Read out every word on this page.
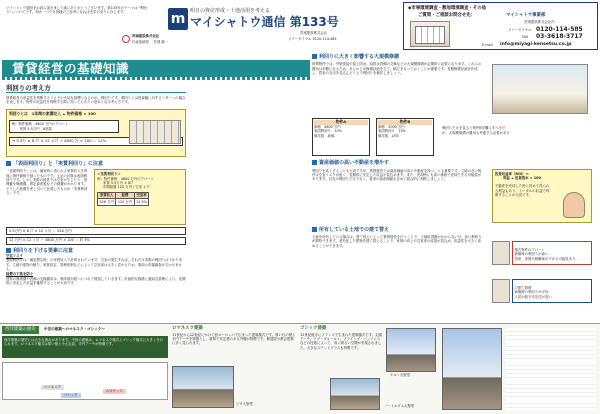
マイシャトウ通信をお読み頂きまして誠にありがとうございます。第133号のテーマは "利回り" についてです。何か一つでも皆様のご参考になれば光栄の至りに存じます。
宮城建設株式会社
代表取締役 　宮城 慶一
m 明日の資産形成・土地活用を考える
マイシャトウ通信 第133号
宮城建設株式会社
フリーダイヤル 0120-114-585
◆市場環境調査・敷地環境調査・その他
ご質問・ご相談お問合せ先：	マイシャトウ事業部
宮城建設株式会社内
フリーダイヤル 0120-114-585
FAX 03-3618-3717
E-mail info@miyagi-kensetsu.co.jp
賃貸経営の基礎知識
利回りの考え方
賃貸経営の収益性を判断するうえでの大切な指標となるのが、利回りです。利回りとは投資額に対するリターンの割合を表します。物件の収益性を判断する際に知っておきたい基本となる考え方です。
利回りとは　1年間の家賃収入 ÷ 物件価格 × 100
例）物件価格　4800 万円のアパート
家賃 5.5万円　8部屋
→ 5.5万 × 8 戸 × 12 ヵ月 ÷ 4800 万 × 100 ＝ 11%
「表面利回り」と「実質利回り」に注意
「表面利回り」とは、満室時に得られる家賃収入を単純に物件価格で割ったものです。上記の計算は表面利回りです。しかし実際の経営では空室が生じたり、管理費や修繕費、固定資産税などの経費がかかります。そうした経費を差し引いて計算したものが「実質利回り」です。
＜実質利回り＞
例）物件価格　4800 万円のアパート
家賃 5.5万円 × 8戸
年間経費 120 万円 / 空室 1 戸
家賃収入	経費	空室率
528 万円	120 万円	12.5%
5.5万円 × 8 戸 × 12 ヵ月 ＝ 528 万円
12 万円 × 12 ヵ月 ＋ 4800 万円 × 100 ＝ 約 3%
利回りを下げる要素に注意
空室リスク
表面利回りは「満室想定時」の家賃収入で計算されています。空室が発生すれば、それだけ実際の利回りは下がります。立地や建物の魅力、家賃設定、管理体制などによって空室率は大きく変わるため、事前の市場調査が欠かせません。
経費の下落を防ぐ
建物の修繕費や設備の交換費用は、築年数が経つにつれて増加していきます。計画的な修繕と適切な管理により、長期的に安定した収益を確保することが大切です。
利回りに大きく影響する大規模修繕
賃貸物件では、外壁塗装や屋上防水、給排水設備の交換などの大規模修繕が定期的に必要になります。これらの費用は多額になるため、あらかじめ修繕計画を立て、積立を行っておくことが重要です。長期修繕計画を作成し、将来の支出を見込んだうえで利回りを検討しましょう。
物件A
価格　4800 万円
表面利回り　10%
築年数　新築
物件B
価格　3000 万円
表面利回り　15%
築年数　25年
利回りだけを見ると物件Bを購入すべきだが、大規模修繕の費用も考慮する必要がある
資産価値の高い不動産を増やす
利回りを高くすることも大切ですが、賃貸経営では資産価値の高い不動産を持つことも重要です。立地の良い物件は空室リスクが低く、長期的に安定した収益が見込めます。また、売却時にも高い価格で売却できる可能性があります。目先の利回りだけでなく、将来の資産価値も含めて総合的に判断しましょう。
投資収益率（ROI）＝
利益 ÷ 投資資本 × 100
不動産を売却した時に初めて得られる利益もあり、トータルの収益で判断することが大切です。
所有している土地での建て替え
土地を所有している場合は、建て替えによって賃貸経営を行うことで、土地取得費がかからない分、高い利回りが期待できます。老朽化した建物を建て替えることで、家賃の向上や空室率の改善が見込め、収益性を大きく高めることができます。

築古物件のアパート
新築時の利回りが高い
将来、家賃や稼働率が下がる可能性あり

戸建て賃貸
新築時の利回りが平均
入居が続き安定性が高い

西洋建築の歴史 中世の建築～ロマネスク・ゴシック～
西洋建築の歴史には大きな流れがあります。中世の建築は、ロマネスク様式とゴシック様式に大きく分けられます。ロマネスク様式は厚い壁と小さな窓、半円アーチが特徴です。
ロマネスク
ゴシック
ルネサンス
ロマネスク建築
11世紀から12世紀にかけて西ヨーロッパで広まった建築様式です。厚い石の壁と半円アーチを特徴とし、重厚で安定感のある外観が特徴です。修道院や教会建築に多く見られます。
ピサ大聖堂
ゴシック建築
12世紀後半にフランスで生まれた建築様式です。尖頭アーチ、リブ・ヴォールト、フライング・バットレスなどの技術によって、高く明るい空間が実現されました。大きなステンドグラスも特徴です。
ケルン大聖堂
ノートルダム大聖堂
